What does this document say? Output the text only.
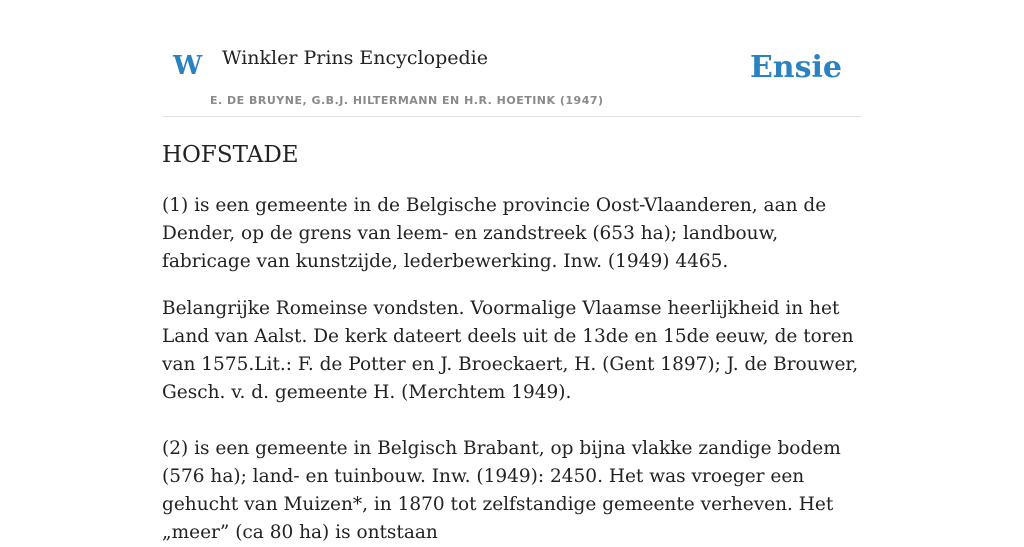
W Winkler Prins Encyclopedie
E. DE BRUYNE, G.B.J. HILTERMANN EN H.R. HOETINK (1947)
Ensie
HOFSTADE

(1) is een gemeente in de Belgische provincie Oost-Vlaanderen, aan de Dender, op de grens van leem- en zandstreek (653 ha); landbouw, fabricage van kunstzijde, lederbewerking. Inw. (1949) 4465.

Belangrijke Romeinse vondsten. Voormalige Vlaamse heerlijkheid in het Land van Aalst. De kerk dateert deels uit de 13de en 15de eeuw, de toren van 1575.Lit.: F. de Potter en J. Broeckaert, H. (Gent 1897); J. de Brouwer, Gesch. v. d. gemeente H. (Merchtem 1949).

(2) is een gemeente in Belgisch Brabant, op bijna vlakke zandige bodem (576 ha); land- en tuinbouw. Inw. (1949): 2450. Het was vroeger een gehucht van Muizen*, in 1870 tot zelfstandige gemeente verheven. Het „meer” (ca 80 ha) is ontstaan
